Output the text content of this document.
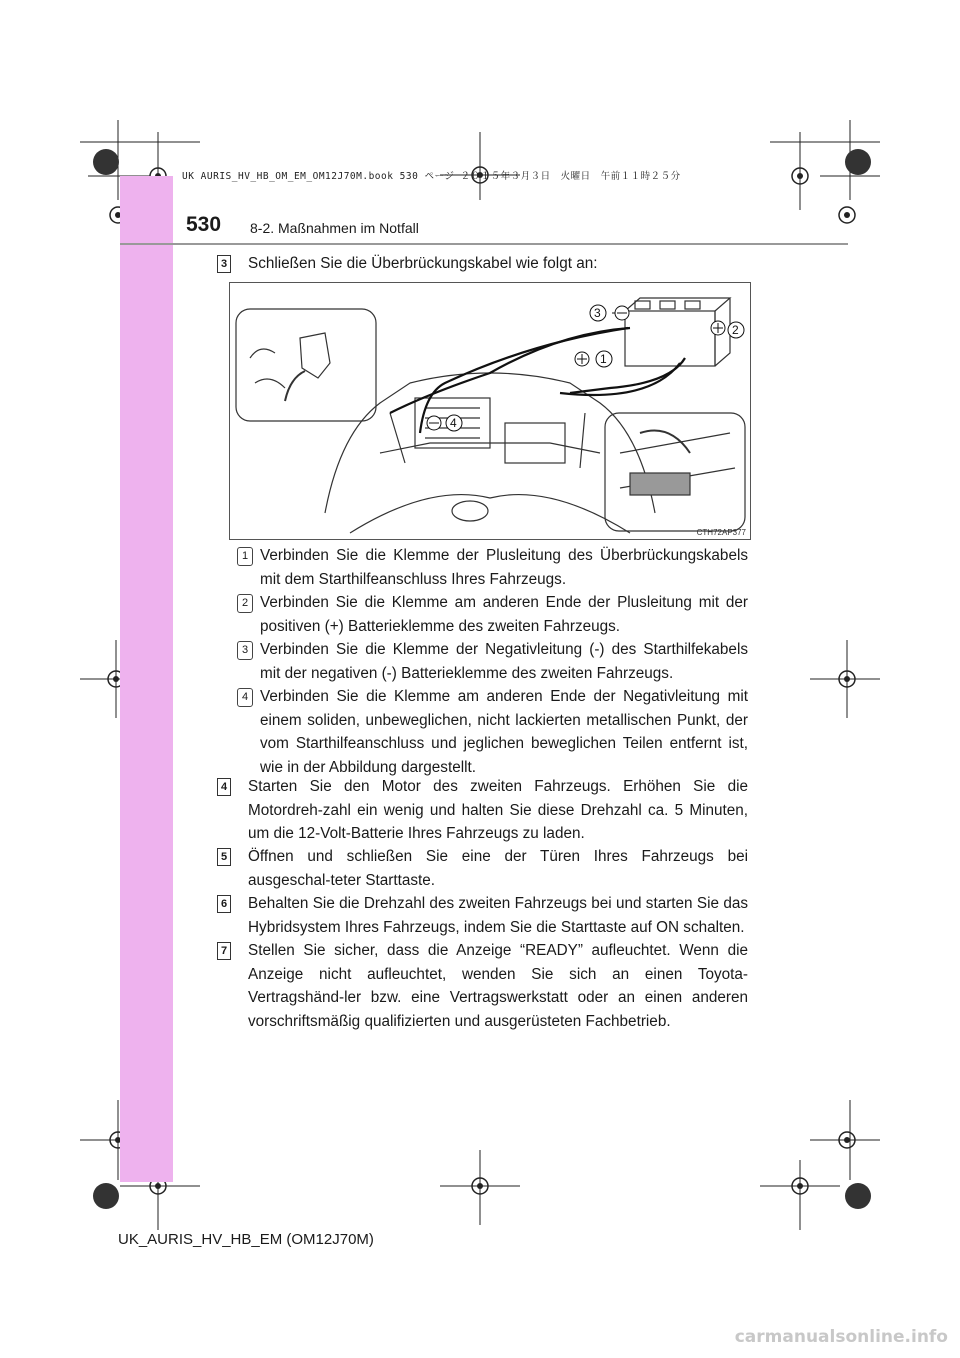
UK AURIS_HV_HB_OM_EM_OM12J70M.book 530 ページ ２０１５年３月３日　火曜日　午前１１時２５分
530 8-2. Maßnahmen im Notfall
3 Schließen Sie die Überbrückungskabel wie folgt an:

3
2
1
4
CTH72AP377
1 Verbinden Sie die Klemme der Plusleitung des Überbrückungskabels mit dem Starthilfeanschluss Ihres Fahrzeugs.

2 Verbinden Sie die Klemme am anderen Ende der Plusleitung mit der positiven (+) Batterieklemme des zweiten Fahrzeugs.

3 Verbinden Sie die Klemme der Negativleitung (-) des Starthilfekabels mit der negativen (-) Batterieklemme des zweiten Fahrzeugs.

4 Verbinden Sie die Klemme am anderen Ende der Negativleitung mit einem soliden, unbeweglichen, nicht lackierten metallischen Punkt, der vom Starthilfeanschluss und jeglichen beweglichen Teilen entfernt ist, wie in der Abbildung dargestellt.

4 Starten Sie den Motor des zweiten Fahrzeugs. Erhöhen Sie die Motordreh-zahl ein wenig und halten Sie diese Drehzahl ca. 5 Minuten, um die 12-Volt-Batterie Ihres Fahrzeugs zu laden.

5 Öffnen und schließen Sie eine der Türen Ihres Fahrzeugs bei ausgeschal-teter Starttaste.

6 Behalten Sie die Drehzahl des zweiten Fahrzeugs bei und starten Sie das Hybridsystem Ihres Fahrzeugs, indem Sie die Starttaste auf ON schalten.

7 Stellen Sie sicher, dass die Anzeige “READY” aufleuchtet. Wenn die Anzeige nicht aufleuchtet, wenden Sie sich an einen Toyota-Vertragshänd-ler bzw. eine Vertragswerkstatt oder an einen anderen vorschriftsmäßig qualifizierten und ausgerüsteten Fachbetrieb.

UK_AURIS_HV_HB_EM (OM12J70M)
carmanualsonline.info
